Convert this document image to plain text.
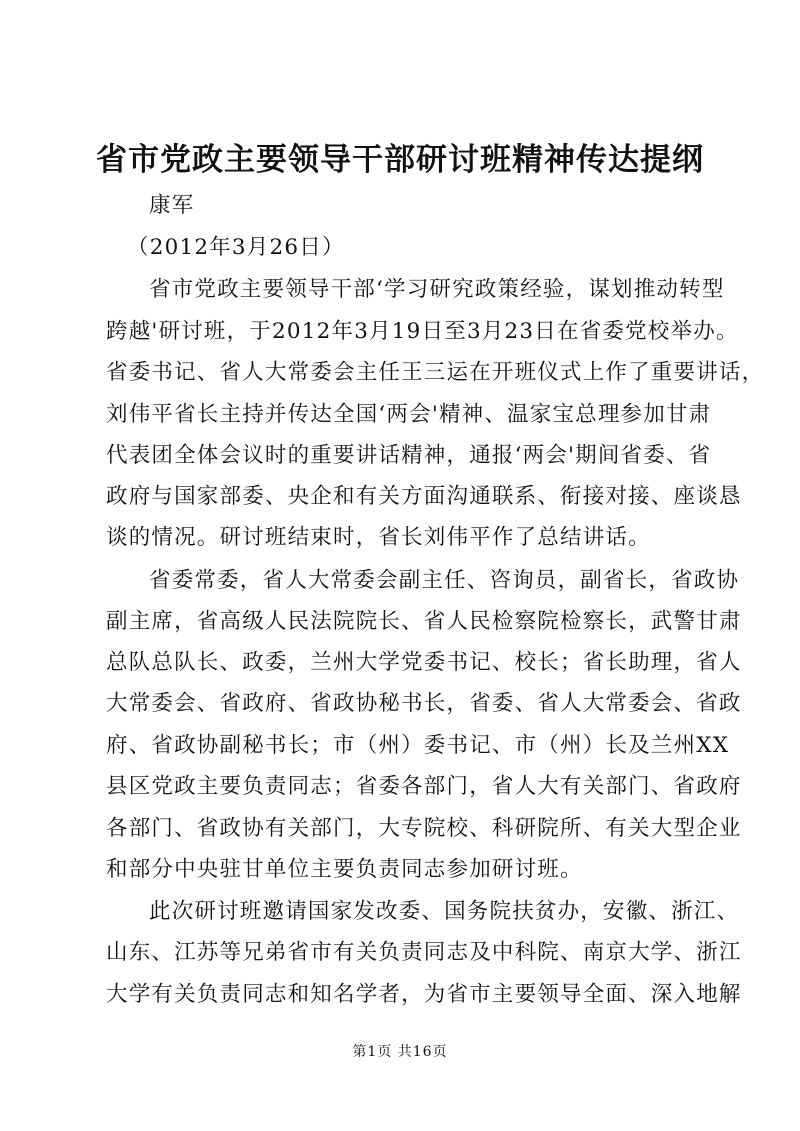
省市党政主要领导干部研讨班精神传达提纲

康军

（2012年3月26日）

省市党政主要领导干部‘学习研究政策经验，谋划推动转型

跨越'研讨班，于2012年3月19日至3月23日在省委党校举办。

省委书记、省人大常委会主任王三运在开班仪式上作了重要讲话，

刘伟平省长主持并传达全国‘两会'精神、温家宝总理参加甘肃

代表团全体会议时的重要讲话精神，通报‘两会'期间省委、省

政府与国家部委、央企和有关方面沟通联系、衔接对接、座谈恳

谈的情况。研讨班结束时，省长刘伟平作了总结讲话。

省委常委，省人大常委会副主任、咨询员，副省长，省政协

副主席，省高级人民法院院长、省人民检察院检察长，武警甘肃

总队总队长、政委，兰州大学党委书记、校长；省长助理，省人

大常委会、省政府、省政协秘书长，省委、省人大常委会、省政

府、省政协副秘书长；市（州）委书记、市（州）长及兰州XX

县区党政主要负责同志；省委各部门，省人大有关部门、省政府

各部门、省政协有关部门，大专院校、科研院所、有关大型企业

和部分中央驻甘单位主要负责同志参加研讨班。

此次研讨班邀请国家发改委、国务院扶贫办，安徽、浙江、

山东、江苏等兄弟省市有关负责同志及中科院、南京大学、浙江

大学有关负责同志和知名学者，为省市主要领导全面、深入地解

第1页 共16页
